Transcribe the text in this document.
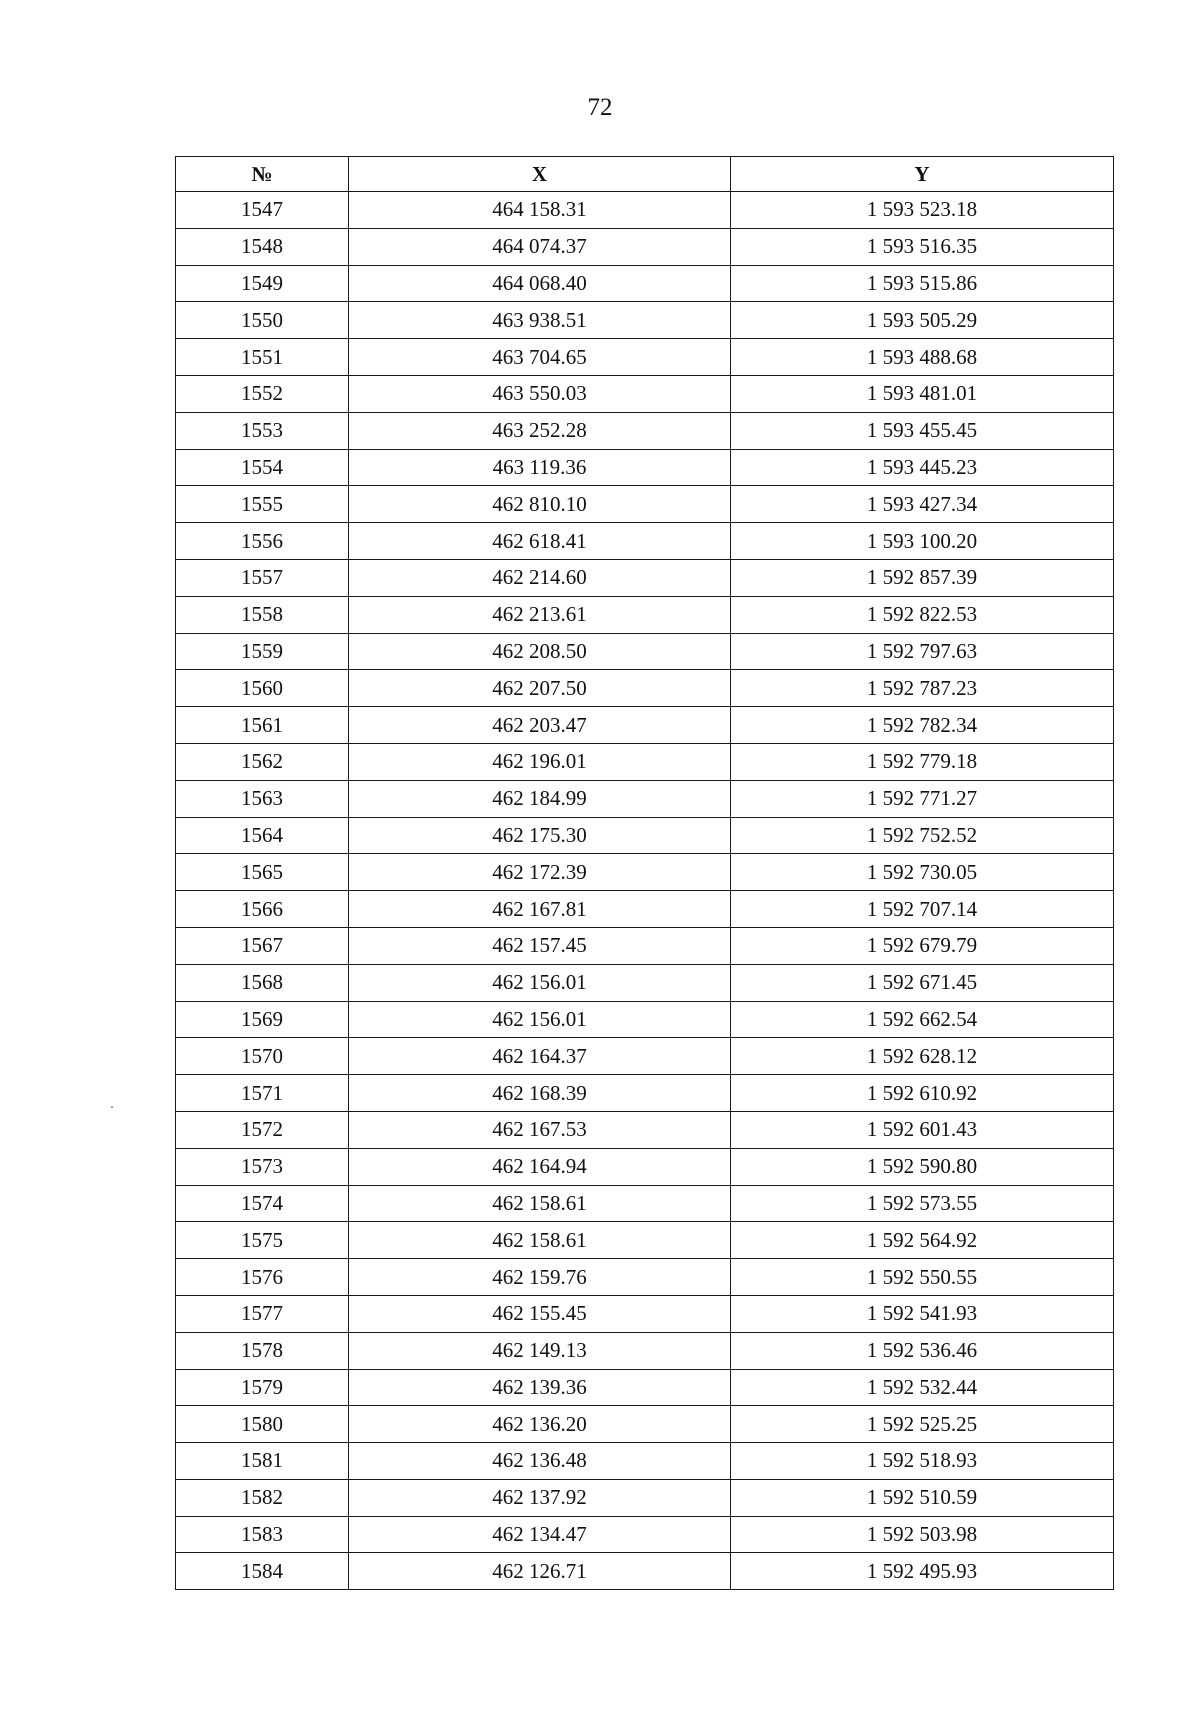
72
№	X	Y
1547	464 158.31	1 593 523.18
1548	464 074.37	1 593 516.35
1549	464 068.40	1 593 515.86
1550	463 938.51	1 593 505.29
1551	463 704.65	1 593 488.68
1552	463 550.03	1 593 481.01
1553	463 252.28	1 593 455.45
1554	463 119.36	1 593 445.23
1555	462 810.10	1 593 427.34
1556	462 618.41	1 593 100.20
1557	462 214.60	1 592 857.39
1558	462 213.61	1 592 822.53
1559	462 208.50	1 592 797.63
1560	462 207.50	1 592 787.23
1561	462 203.47	1 592 782.34
1562	462 196.01	1 592 779.18
1563	462 184.99	1 592 771.27
1564	462 175.30	1 592 752.52
1565	462 172.39	1 592 730.05
1566	462 167.81	1 592 707.14
1567	462 157.45	1 592 679.79
1568	462 156.01	1 592 671.45
1569	462 156.01	1 592 662.54
1570	462 164.37	1 592 628.12
1571	462 168.39	1 592 610.92
1572	462 167.53	1 592 601.43
1573	462 164.94	1 592 590.80
1574	462 158.61	1 592 573.55
1575	462 158.61	1 592 564.92
1576	462 159.76	1 592 550.55
1577	462 155.45	1 592 541.93
1578	462 149.13	1 592 536.46
1579	462 139.36	1 592 532.44
1580	462 136.20	1 592 525.25
1581	462 136.48	1 592 518.93
1582	462 137.92	1 592 510.59
1583	462 134.47	1 592 503.98
1584	462 126.71	1 592 495.93
